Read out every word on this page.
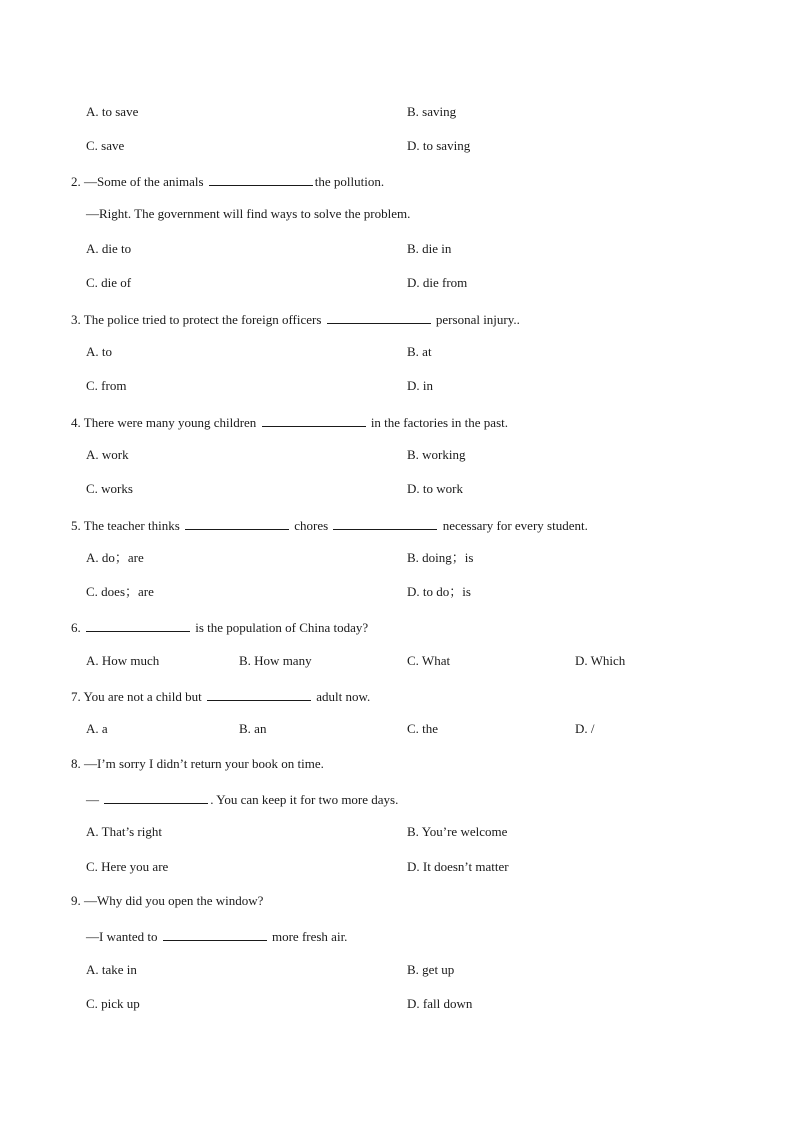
A. to save	B. saving
C. save	D. to saving
2. —Some of the animals	the pollution.
—Right. The government will find ways to solve the problem.
A. die to	B. die in
C. die of	D. die from
3. The police tried to protect the foreign officers	personal injury..
A. to	B. at
C. from	D. in
4. There were many young children	in the factories in the past.
A. work	B. working
C. works	D. to work
5. The teacher thinks	chores	necessary for every student.
A. do；are	B. doing；is
C. does；are	D. to do；is
6.	is the population of China today?
A. How much	B. How many	C. What	D. Which
7. You are not a child but	adult now.
A. a	B. an	C. the	D. /
8. —I’m sorry I didn’t return your book on time.
—	. You can keep it for two more days.
A. That’s right	B. You’re welcome
C. Here you are	D. It doesn’t matter
9. —Why did you open the window?
—I wanted to	more fresh air.
A. take in	B. get up
C. pick up	D. fall down
